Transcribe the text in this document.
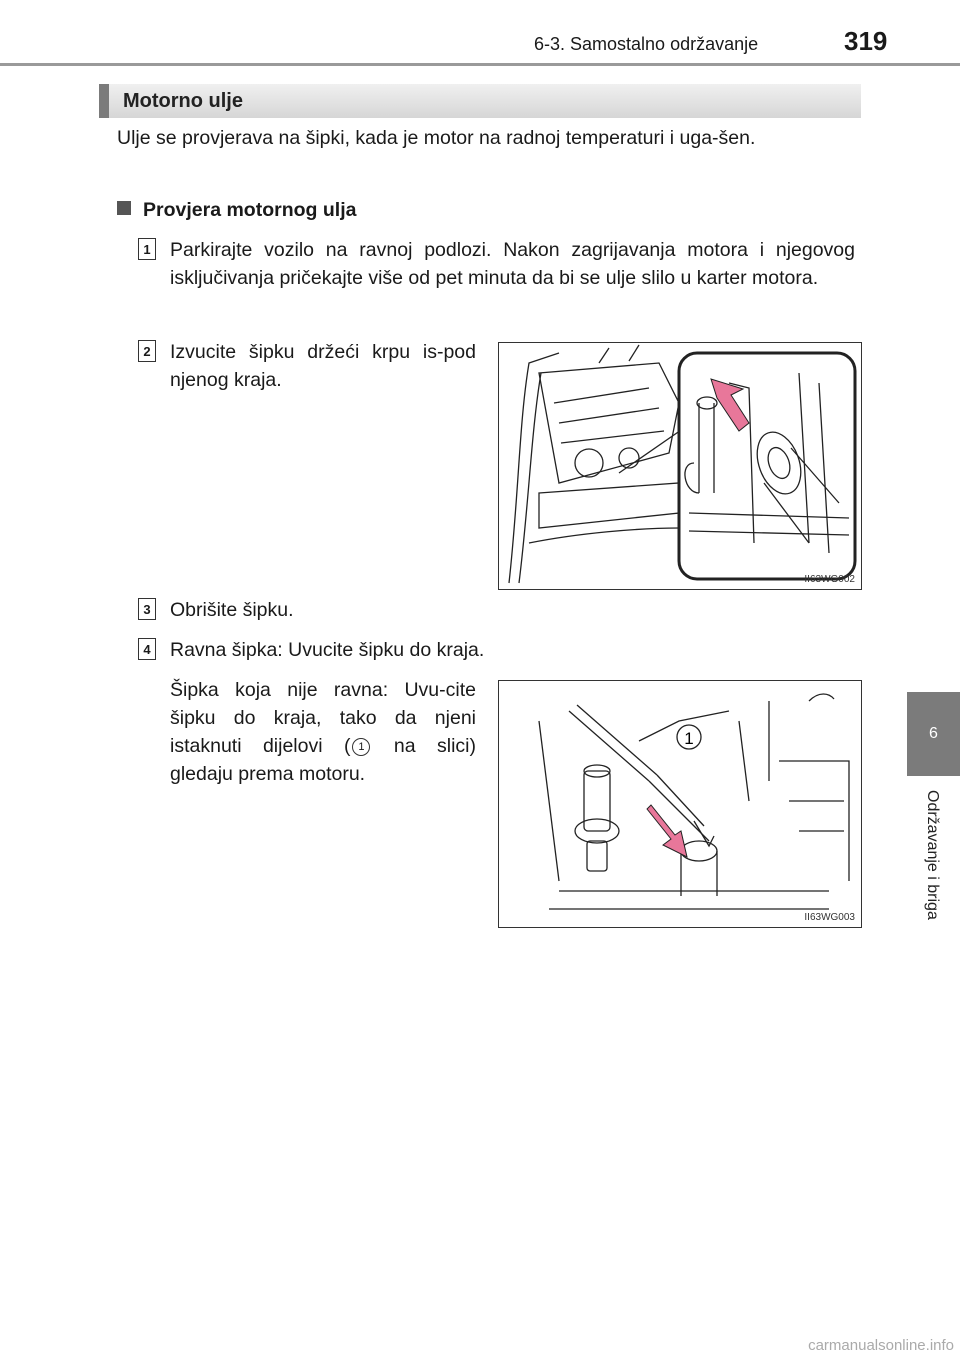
6-3. Samostalno održavanje	319
6
Održavanje i briga
Motorno ulje
Ulje se provjerava na šipki, kada je motor na radnoj temperaturi i uga-šen.
Provjera motornog ulja
1 Parkirajte vozilo na ravnoj podlozi. Nakon zagrijavanja motora i njegovog isključivanja pričekajte više od pet minuta da bi se ulje slilo u karter motora.
2 Izvucite šipku držeći krpu is-pod njenog kraja.
II63WG002
3 Obrišite šipku.
4 Ravna šipka: Uvucite šipku do kraja.
Šipka koja nije ravna: Uvu-cite šipku do kraja, tako da njeni istaknuti dijelovi ( 1 na slici) gledaju prema motoru.
1
II63WG003
carmanualsonline.info
